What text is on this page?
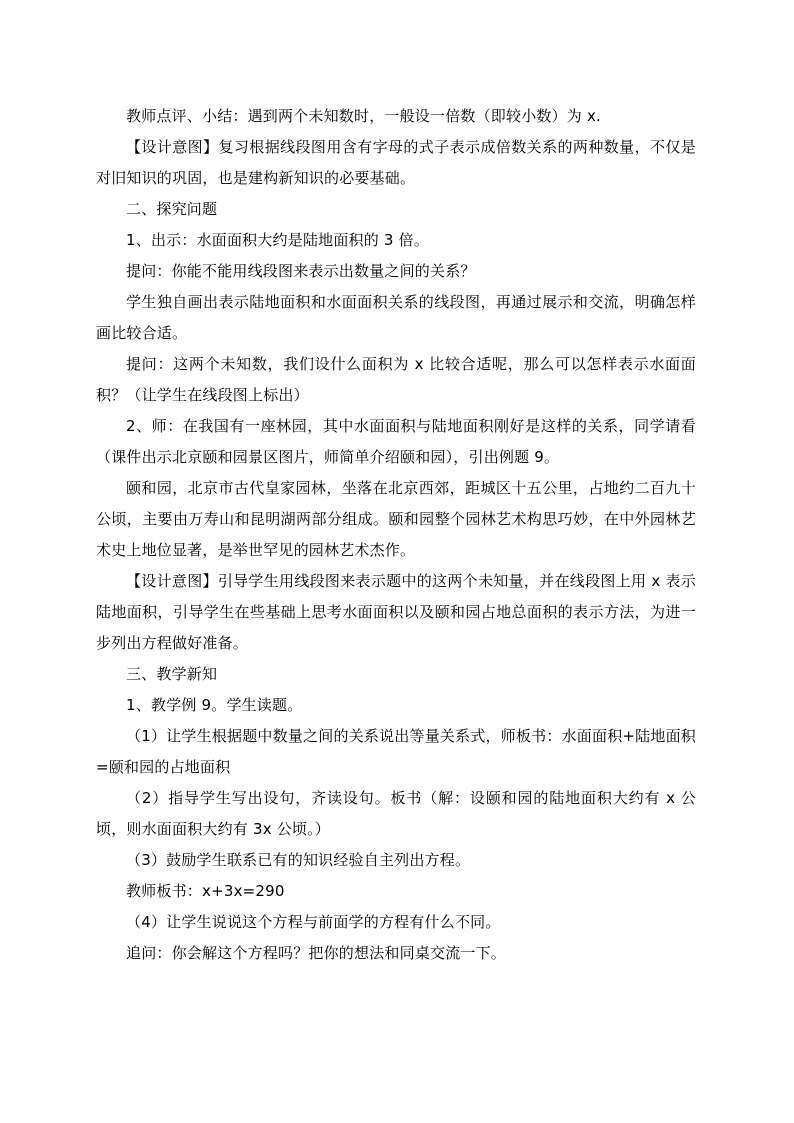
教师点评、小结：遇到两个未知数时，一般设一倍数（即较小数）为 x.

【设计意图】复习根据线段图用含有字母的式子表示成倍数关系的两种数量，不仅是对旧知识的巩固，也是建构新知识的必要基础。

二、探究问题

1、出示：水面面积大约是陆地面积的 3 倍。

提问：你能不能用线段图来表示出数量之间的关系？

学生独自画出表示陆地面积和水面面积关系的线段图，再通过展示和交流，明确怎样画比较合适。

提问：这两个未知数，我们设什么面积为 x 比较合适呢，那么可以怎样表示水面面积？（让学生在线段图上标出）

2、师：在我国有一座林园，其中水面面积与陆地面积刚好是这样的关系，同学请看（课件出示北京颐和园景区图片，师简单介绍颐和园），引出例题 9。

颐和园，北京市古代皇家园林，坐落在北京西郊，距城区十五公里，占地约二百九十公顷，主要由万寿山和昆明湖两部分组成。颐和园整个园林艺术构思巧妙，在中外园林艺术史上地位显著，是举世罕见的园林艺术杰作。

【设计意图】引导学生用线段图来表示题中的这两个未知量，并在线段图上用 x 表示陆地面积，引导学生在些基础上思考水面面积以及颐和园占地总面积的表示方法，为进一步列出方程做好准备。

三、教学新知

1、教学例 9。学生读题。

（1）让学生根据题中数量之间的关系说出等量关系式，师板书：水面面积+陆地面积=颐和园的占地面积

（2）指导学生写出设句，齐读设句。板书（解：设颐和园的陆地面积大约有 x 公顷，则水面面积大约有 3x 公顷。）

（3）鼓励学生联系已有的知识经验自主列出方程。

教师板书：x+3x=290

（4）让学生说说这个方程与前面学的方程有什么不同。

追问：你会解这个方程吗？把你的想法和同桌交流一下。
